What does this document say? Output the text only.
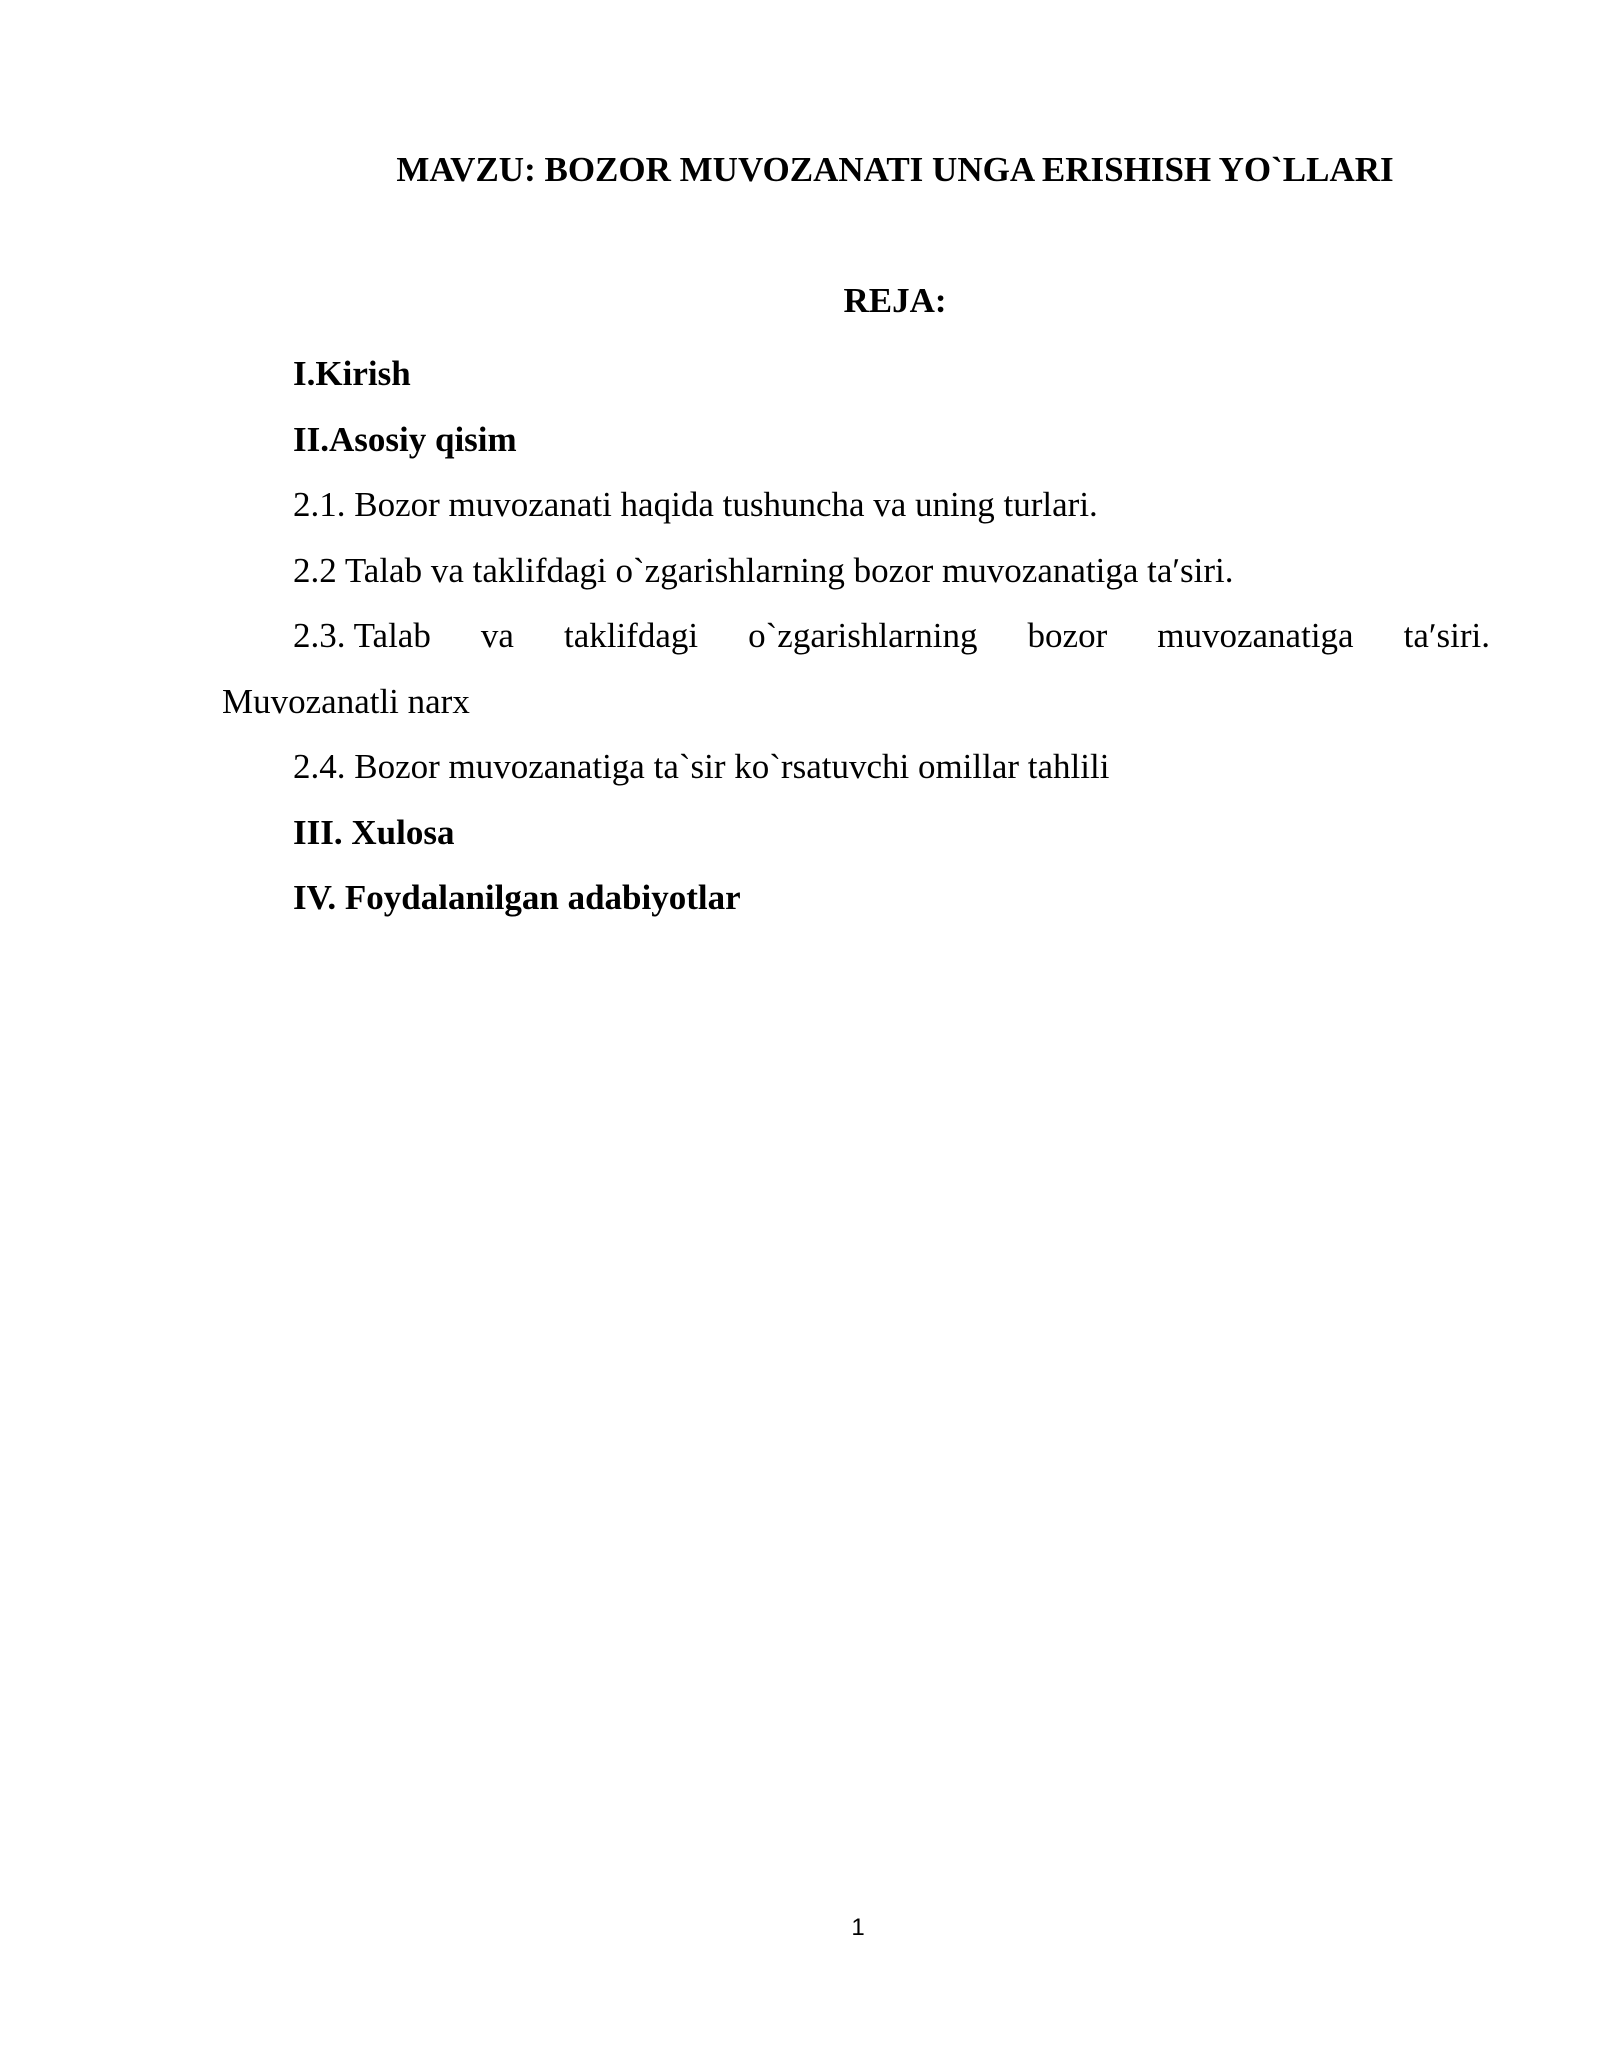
MAVZU: BOZOR MUVOZANATI UNGA ERISHISH YO`LLARI
REJA:

I.Kirish

II.Asosiy qisim

2.1. Bozor muvozanati haqida tushuncha va uning turlari.

2.2 Talab va taklifdagi o`zgarishlarning bozor muvozanatiga taʹsiri.

2.3. Talab va taklifdagi o`zgarishlarning bozor muvozanatiga taʹsiri.

Muvozanatli narx

2.4. Bozor muvozanatiga ta`sir ko`rsatuvchi omillar tahlili

III. Xulosa

IV. Foydalanilgan adabiyotlar

1
